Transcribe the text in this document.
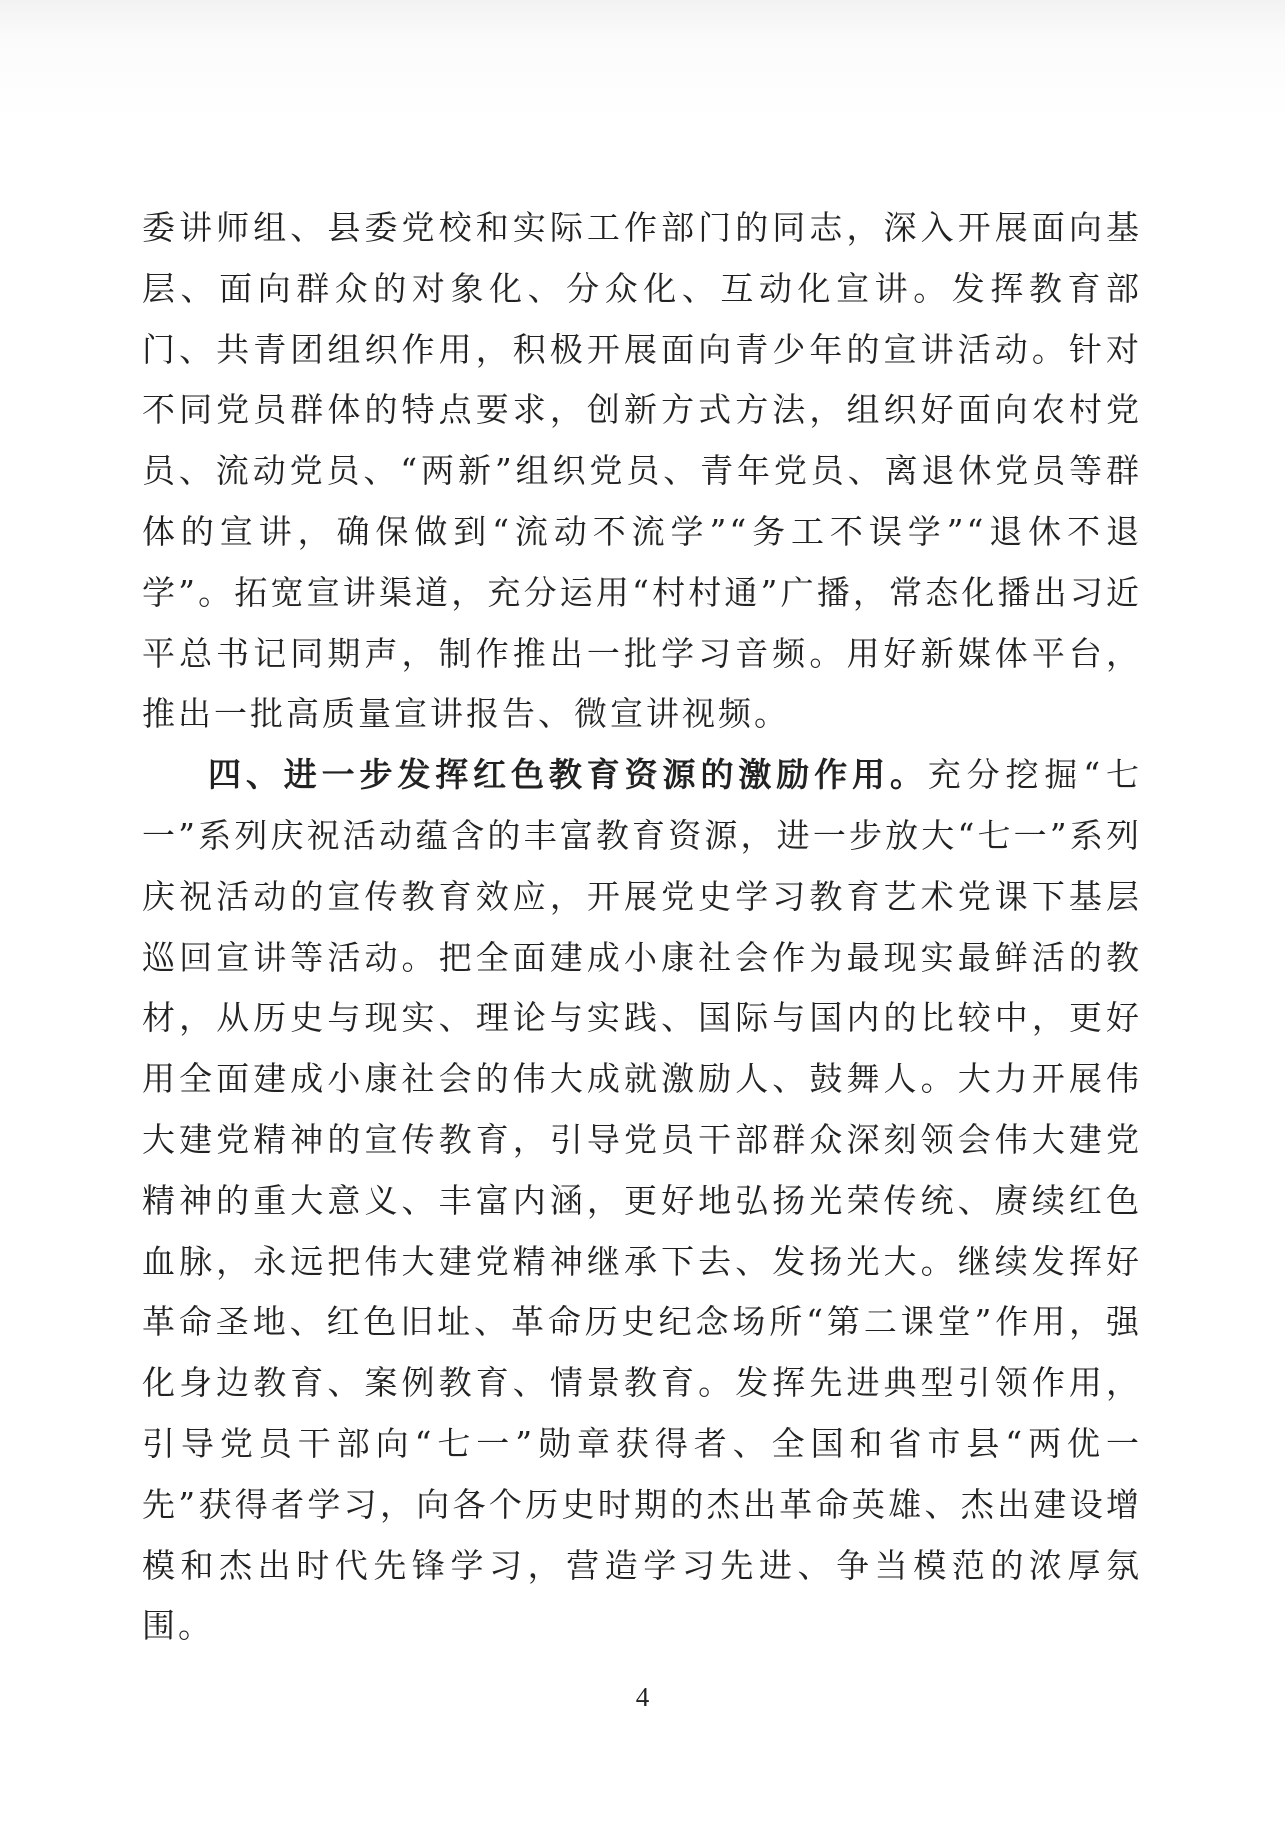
委讲师组、县委党校和实际工作部门的同志，深入开展面向基层、面向群众的对象化、分众化、互动化宣讲。发挥教育部门、共青团组织作用，积极开展面向青少年的宣讲活动。针对不同党员群体的特点要求，创新方式方法，组织好面向农村党员、流动党员、“两新”组织党员、青年党员、离退休党员等群体的宣讲，确保做到“流动不流学”“务工不误学”“退休不退学”。拓宽宣讲渠道，充分运用“村村通”广播，常态化播出习近平总书记同期声，制作推出一批学习音频。用好新媒体平台，推出一批高质量宣讲报告、微宣讲视频。

四、进一步发挥红色教育资源的激励作用。充分挖掘“七一”系列庆祝活动蕴含的丰富教育资源，进一步放大“七一”系列庆祝活动的宣传教育效应，开展党史学习教育艺术党课下基层巡回宣讲等活动。把全面建成小康社会作为最现实最鲜活的教材，从历史与现实、理论与实践、国际与国内的比较中，更好用全面建成小康社会的伟大成就激励人、鼓舞人。大力开展伟大建党精神的宣传教育，引导党员干部群众深刻领会伟大建党精神的重大意义、丰富内涵，更好地弘扬光荣传统、赓续红色血脉，永远把伟大建党精神继承下去、发扬光大。继续发挥好革命圣地、红色旧址、革命历史纪念场所“第二课堂”作用，强化身边教育、案例教育、情景教育。发挥先进典型引领作用，引导党员干部向“七一”勋章获得者、全国和省市县“两优一先”获得者学习，向各个历史时期的杰出革命英雄、杰出建设增模和杰出时代先锋学习，营造学习先进、争当模范的浓厚氛围。

4
